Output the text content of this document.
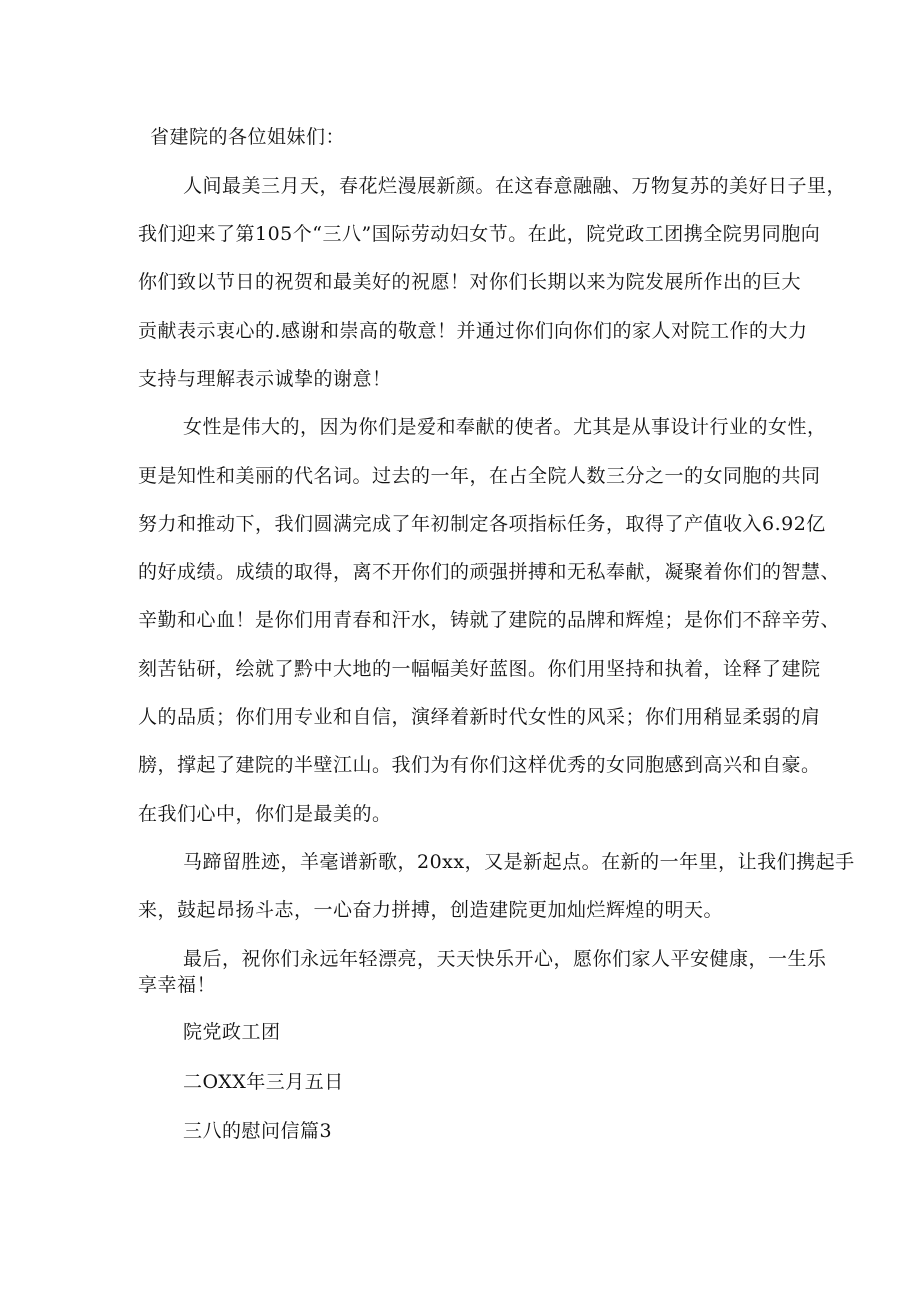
省建院的各位姐妹们：
人间最美三月天，春花烂漫展新颜。在这春意融融、万物复苏的美好日子里，
我们迎来了第105个“三八”国际劳动妇女节。在此，院党政工团携全院男同胞向
你们致以节日的祝贺和最美好的祝愿！对你们长期以来为院发展所作出的巨大
贡献表示衷心的.感谢和崇高的敬意！并通过你们向你们的家人对院工作的大力
支持与理解表示诚挚的谢意！
女性是伟大的，因为你们是爱和奉献的使者。尤其是从事设计行业的女性，
更是知性和美丽的代名词。过去的一年，在占全院人数三分之一的女同胞的共同
努力和推动下，我们圆满完成了年初制定各项指标任务，取得了产值收入6.92亿
的好成绩。成绩的取得，离不开你们的顽强拼搏和无私奉献，凝聚着你们的智慧、
辛勤和心血！是你们用青春和汗水，铸就了建院的品牌和辉煌；是你们不辞辛劳、
刻苦钻研，绘就了黔中大地的一幅幅美好蓝图。你们用坚持和执着，诠释了建院
人的品质；你们用专业和自信，演绎着新时代女性的风采；你们用稍显柔弱的肩
膀，撑起了建院的半壁江山。我们为有你们这样优秀的女同胞感到高兴和自豪。
在我们心中，你们是最美的。
马蹄留胜迹，羊毫谱新歌，20xx，又是新起点。在新的一年里，让我们携起手
来，鼓起昂扬斗志，一心奋力拼搏，创造建院更加灿烂辉煌的明天。
最后，祝你们永远年轻漂亮，天天快乐开心，愿你们家人平安健康，一生乐
享幸福！
院党政工团
二OXX年三月五日
三八的慰问信篇3
